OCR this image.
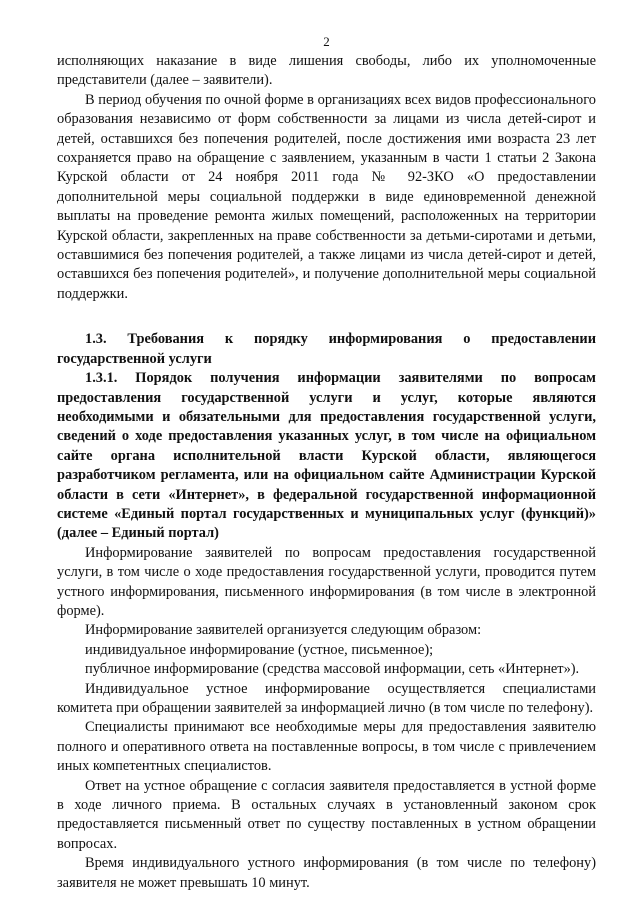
2

исполняющих наказание в виде лишения свободы, либо их уполномоченные представители (далее – заявители).

В период обучения по очной форме в организациях всех видов профессионального образования независимо от форм собственности за лицами из числа детей-сирот и детей, оставшихся без попечения родителей, после достижения ими возраста 23 лет сохраняется право на обращение с заявлением, указанным в части 1 статьи 2 Закона Курской области от 24 ноября 2011 года № 92-ЗКО «О предоставлении дополнительной меры социальной поддержки в виде единовременной денежной выплаты на проведение ремонта жилых помещений, расположенных на территории Курской области, закрепленных на праве собственности за детьми-сиротами и детьми, оставшимися без попечения родителей, а также лицами из числа детей-сирот и детей, оставшихся без попечения родителей», и получение дополнительной меры социальной поддержки.

1.3. Требования к порядку информирования о предоставлении государственной услуги

1.3.1. Порядок получения информации заявителями по вопросам предоставления государственной услуги и услуг, которые являются необходимыми и обязательными для предоставления государственной услуги, сведений о ходе предоставления указанных услуг, в том числе на официальном сайте органа исполнительной власти Курской области, являющегося разработчиком регламента, или на официальном сайте Администрации Курской области в сети «Интернет», в федеральной государственной информационной системе «Единый портал государственных и муниципальных услуг (функций)» (далее – Единый портал)

Информирование заявителей по вопросам предоставления государственной услуги, в том числе о ходе предоставления государственной услуги, проводится путем устного информирования, письменного информирования (в том числе в электронной форме).

Информирование заявителей организуется следующим образом:

индивидуальное информирование (устное, письменное);

публичное информирование (средства массовой информации, сеть «Интернет»).

Индивидуальное устное информирование осуществляется специалистами комитета при обращении заявителей за информацией лично (в том числе по телефону).

Специалисты принимают все необходимые меры для предоставления заявителю полного и оперативного ответа на поставленные вопросы, в том числе с привлечением иных компетентных специалистов.

Ответ на устное обращение с согласия заявителя предоставляется в устной форме в ходе личного приема. В остальных случаях в установленный законом срок предоставляется письменный ответ по существу поставленных в устном обращении вопросах.

Время индивидуального устного информирования (в том числе по телефону) заявителя не может превышать 10 минут.
